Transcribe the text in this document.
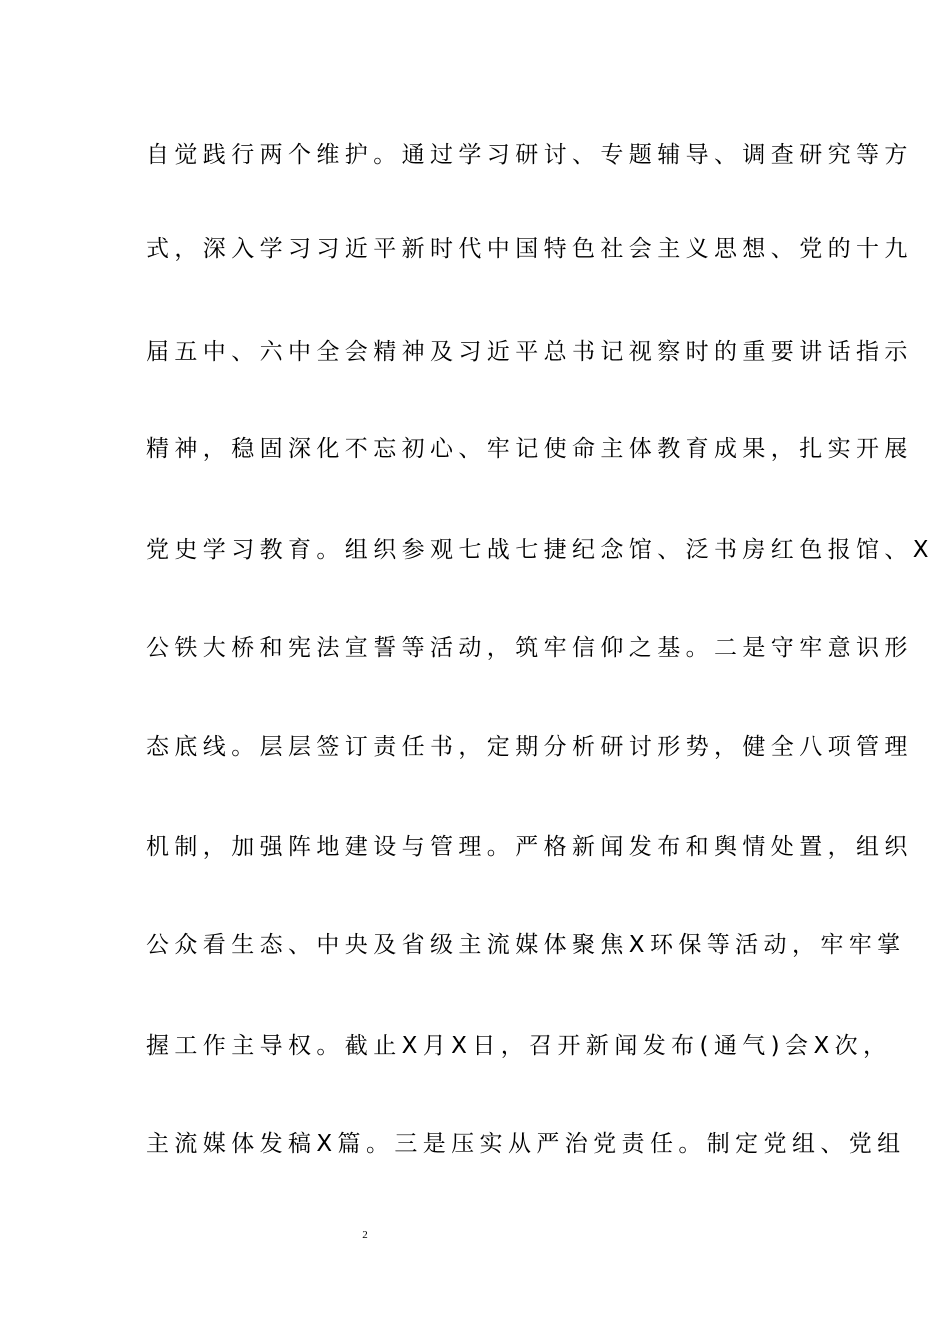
自觉践行两个维护。通过学习研讨、专题辅导、调查研究等方
式，深入学习习近平新时代中国特色社会主义思想、党的十九
届五中、六中全会精神及习近平总书记视察时的重要讲话指示
精神，稳固深化不忘初心、牢记使命主体教育成果，扎实开展
党史学习教育。组织参观七战七捷纪念馆、泛书房红色报馆、X
公铁大桥和宪法宣誓等活动，筑牢信仰之基。二是守牢意识形
态底线。层层签订责任书，定期分析研讨形势，健全八项管理
机制，加强阵地建设与管理。严格新闻发布和舆情处置，组织
公众看生态、中央及省级主流媒体聚焦X环保等活动，牢牢掌
握工作主导权。截止X月X日，召开新闻发布(通气)会X次，
主流媒体发稿X篇。三是压实从严治党责任。制定党组、党组
2
